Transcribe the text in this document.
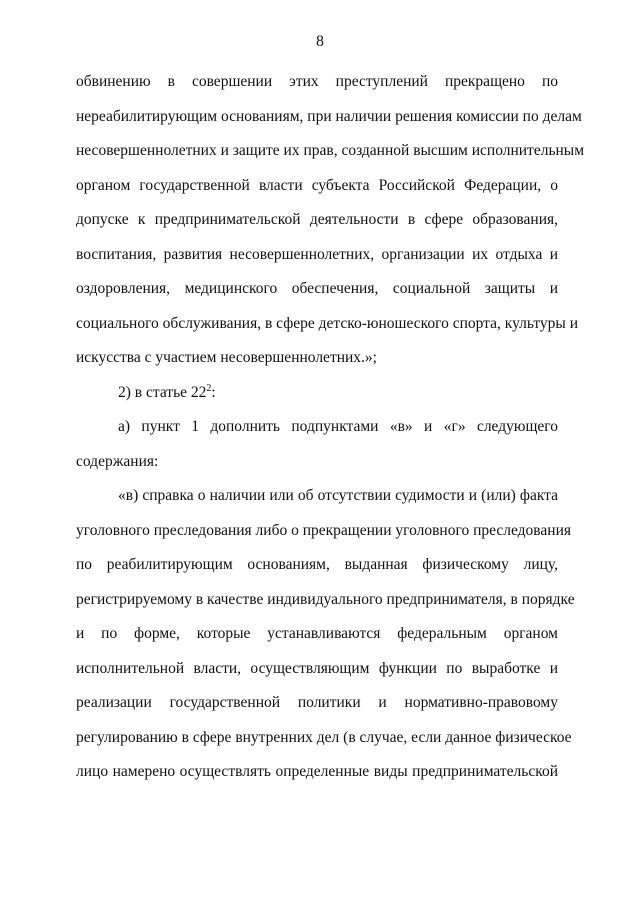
8
обвинению в совершении этих преступлений прекращено по
нереабилитирующим основаниям, при наличии решения комиссии по делам
несовершеннолетних и защите их прав, созданной высшим исполнительным
органом государственной власти субъекта Российской Федерации, о
допуске к предпринимательской деятельности в сфере образования,
воспитания, развития несовершеннолетних, организации их отдыха и
оздоровления, медицинского обеспечения, социальной защиты и
социального обслуживания, в сфере детско-юношеского спорта, культуры и
искусства с участием несовершеннолетних.»;
2) в статье $22^2$:
а) пункт 1 дополнить подпунктами «в» и «г» следующего
содержания:
«в) справка о наличии или об отсутствии судимости и (или) факта
уголовного преследования либо о прекращении уголовного преследования
по реабилитирующим основаниям, выданная физическому лицу,
регистрируемому в качестве индивидуального предпринимателя, в порядке
и по форме, которые устанавливаются федеральным органом
исполнительной власти, осуществляющим функции по выработке и
реализации государственной политики и нормативно-правовому
регулированию в сфере внутренних дел (в случае, если данное физическое
лицо намерено осуществлять определенные виды предпринимательской
